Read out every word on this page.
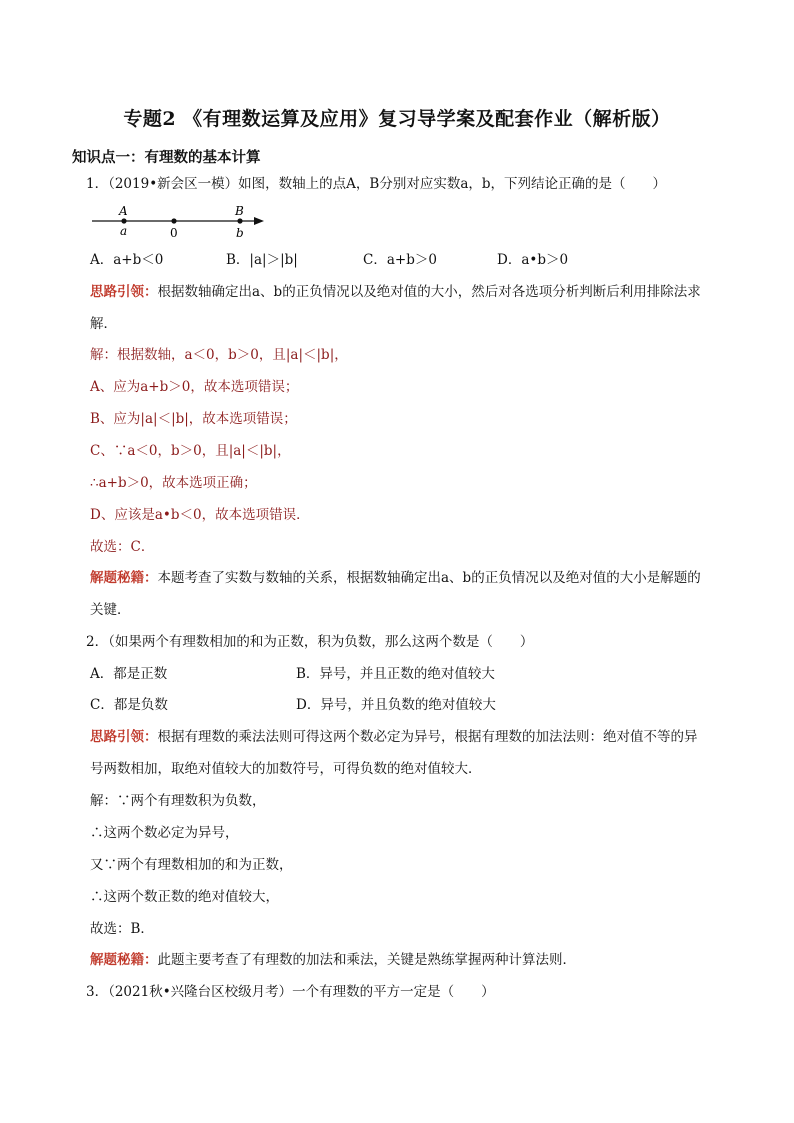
专题2 《有理数运算及应用》复习导学案及配套作业（解析版）
知识点一：有理数的基本计算
1．（2019•新会区一模）如图，数轴上的点A，B分别对应实数a，b，下列结论正确的是（　　）
A
a	0
B
b
A．a+b＜0	B．|a|＞|b|	C．a+b＞0	D．a•b＞0
思路引领：根据数轴确定出a、b的正负情况以及绝对值的大小，然后对各选项分析判断后利用排除法求
解．
解：根据数轴，a＜0，b＞0，且|a|＜|b|，
A、应为a+b＞0，故本选项错误；
B、应为|a|＜|b|，故本选项错误；
C、∵a＜0，b＞0，且|a|＜|b|，
∴a+b＞0，故本选项正确；
D、应该是a•b＜0，故本选项错误．
故选：C．
解题秘籍：本题考查了实数与数轴的关系，根据数轴确定出a、b的正负情况以及绝对值的大小是解题的
关键．
2．（如果两个有理数相加的和为正数，积为负数，那么这两个数是（　　）
A．都是正数	B．异号，并且正数的绝对值较大
C．都是负数	D．异号，并且负数的绝对值较大
思路引领：根据有理数的乘法法则可得这两个数必定为异号，根据有理数的加法法则：绝对值不等的异
号两数相加，取绝对值较大的加数符号，可得负数的绝对值较大．
解：∵两个有理数积为负数，
∴这两个数必定为异号，
又∵两个有理数相加的和为正数，
∴这两个数正数的绝对值较大，
故选：B．
解题秘籍：此题主要考查了有理数的加法和乘法，关键是熟练掌握两种计算法则．
3．（2021秋•兴隆台区校级月考）一个有理数的平方一定是（　　）
